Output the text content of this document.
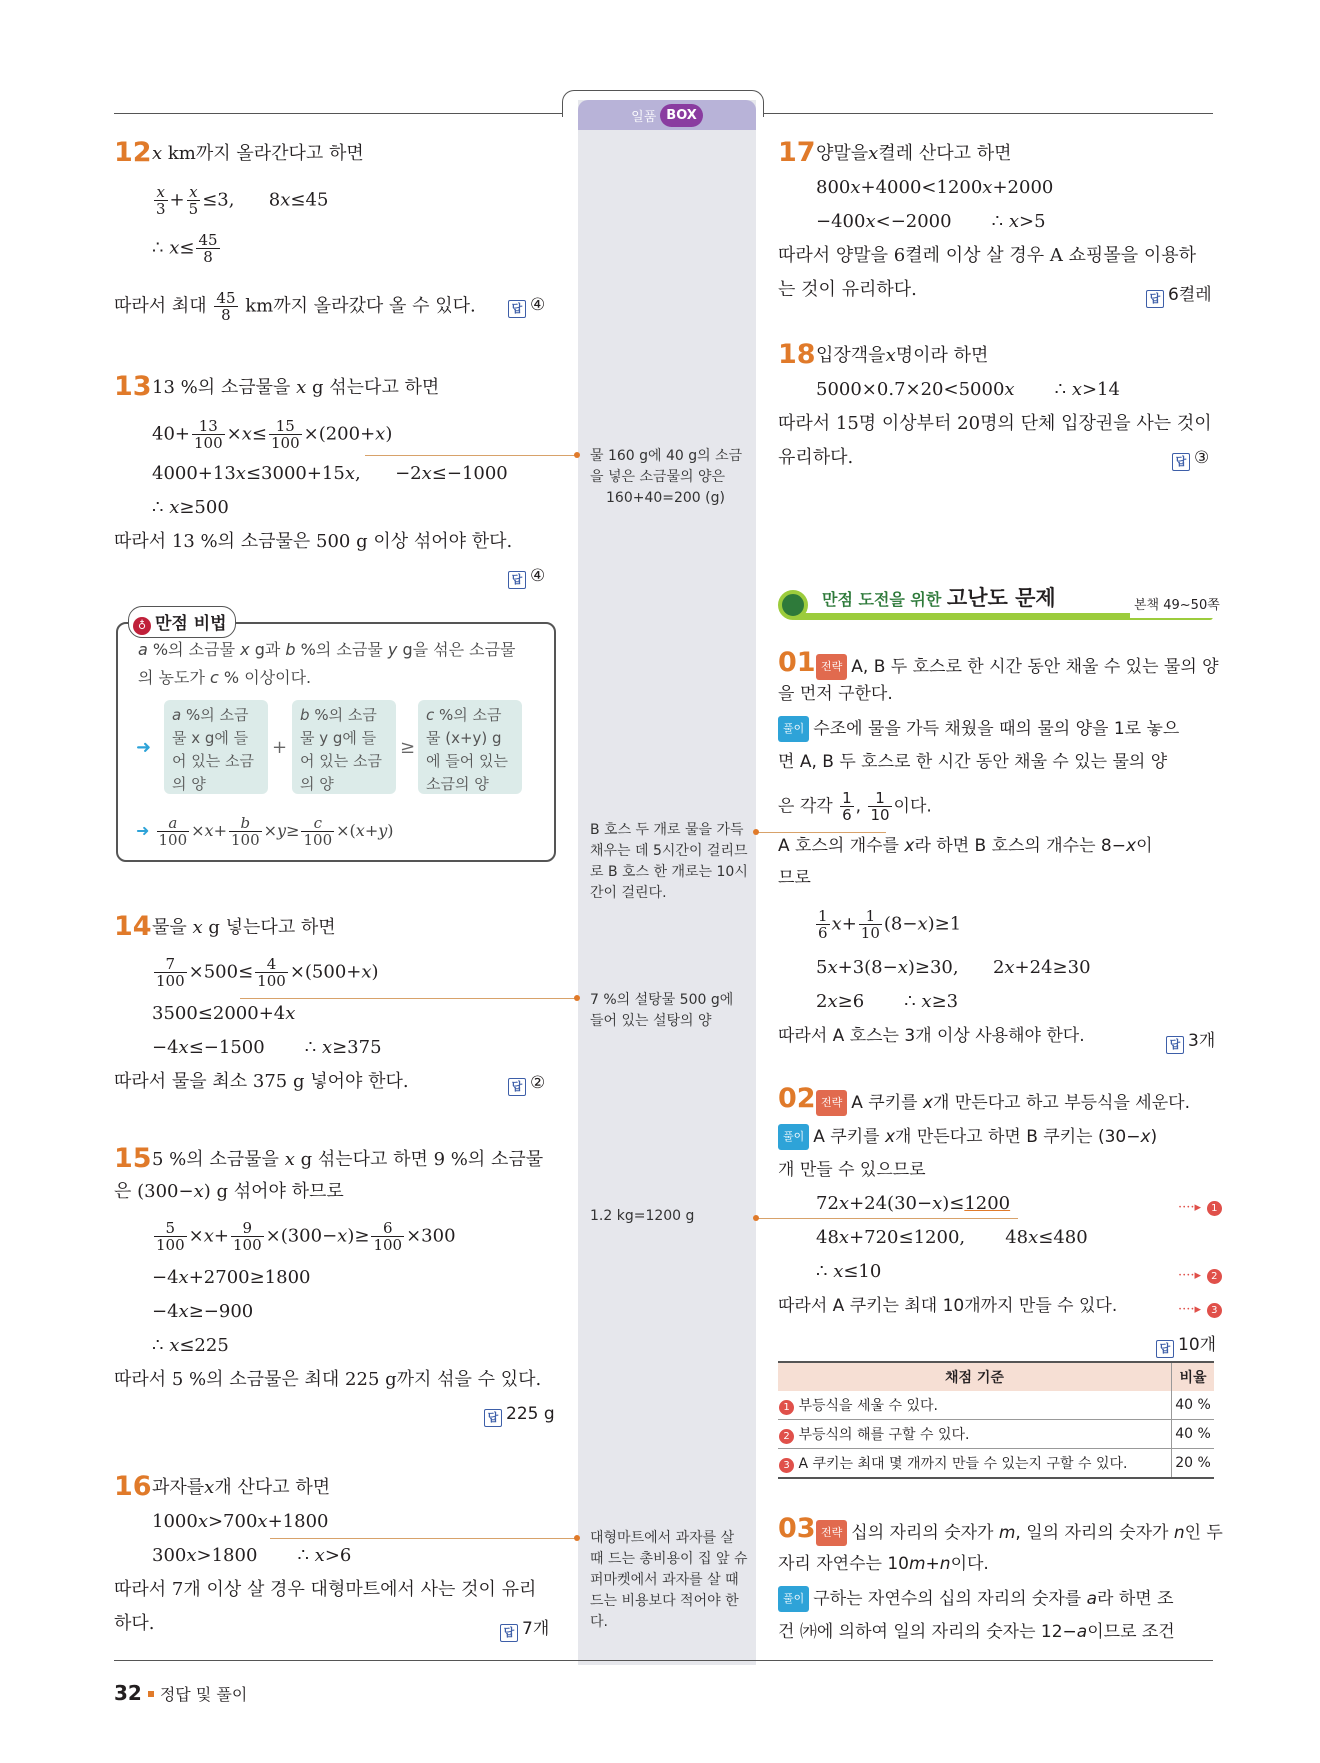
일품 BOX
12 x km까지 올라간다고 하면
$\frac{x}{3} + \frac{x}{5} \le 3$, 8x≤45
∴ $x\le \frac{45}{8}$
따라서 최대 $\frac{45}{8}$ km까지 올라갔다 올 수 있다.	답 ④
13 13 %의 소금물을 x g 섞는다고 하면
$40+ \frac{13}{100} \times x\le \frac{15}{100} \times(200+x)$
4000+13x≤3000+15x, −2x≤−1000
∴ x≥500
따라서 13 %의 소금물은 500 g 이상 섞어야 한다.
답 ④
♁ 만점 비법
a %의 소금물 x g과 b %의 소금물 y g을 섞은 소금물
의 농도가 c % 이상이다.
➜
a %의 소금물 x g에 들어 있는 소금의 양
+
b %의 소금물 y g에 들어 있는 소금의 양
≥
c %의 소금물 (x+y) g에 들어 있는 소금의 양
➜ $\frac{a}{100} \times x+ \frac{b}{100} \times y\ge \frac{c}{100} \times(x+y)$
14 물을 x g 넣는다고 하면
$\frac{7}{100} \times 500\le \frac{4}{100} \times(500+x)$
3500≤2000+4x
−4x≤−1500 ∴ x≥375
따라서 물을 최소 375 g 넣어야 한다.	답 ②
15 5 %의 소금물을 x g 섞는다고 하면 9 %의 소금물
은 (300−x) g 섞어야 하므로
$\frac{5}{100} \times x+ \frac{9}{100} \times(300-x)\ge \frac{6}{100} \times 300$
−4x+2700≥1800
−4x≥−900
∴ x≤225
따라서 5 %의 소금물은 최대 225 g까지 섞을 수 있다.
답 225 g
16 과자를x개 산다고 하면
1000x>700x+1800
300x>1800 ∴ x>6
따라서 7개 이상 살 경우 대형마트에서 사는 것이 유리
하다.	답 7개
물 160 g에 40 g의 소금을 넣은 소금물의 양은
160+40=200 (g)
B 호스 두 개로 물을 가득 채우는 데 5시간이 걸리므로 B 호스 한 개로는 10시간이 걸린다.
7 %의 설탕물 500 g에 들어 있는 설탕의 양
1.2 kg=1200 g
대형마트에서 과자를 살 때 드는 총비용이 집 앞 슈퍼마켓에서 과자를 살 때 드는 비용보다 적어야 한다.
17 양말을x켤레 산다고 하면
800x+4000<1200x+2000
−400x<−2000 ∴ x>5
따라서 양말을 6켤레 이상 살 경우 A 쇼핑몰을 이용하
는 것이 유리하다.	답 6켤레
18 입장객을x명이라 하면
5000×0.7×20<5000x ∴ x>14
따라서 15명 이상부터 20명의 단체 입장권을 사는 것이
유리하다.	답 ③
만점 도전을 위한 고난도 문제	본책 49~50쪽
01 전략 A, B 두 호스로 한 시간 동안 채울 수 있는 물의 양
을 먼저 구한다.
풀이 수조에 물을 가득 채웠을 때의 물의 양을 1로 놓으
면 A, B 두 호스로 한 시간 동안 채울 수 있는 물의 양
은 각각 $\frac{1}{6}$ , $\frac{1}{10}$ 이다.
A 호스의 개수를 x라 하면 B 호스의 개수는 8−x이
므로
$\frac{1}{6} x+ \frac{1}{10} (8-x)\ge 1$
5x+3(8−x)≥30, 2x+24≥30
2x≥6 ∴ x≥3
따라서 A 호스는 3개 이상 사용해야 한다.	답 3개
02 전략 A 쿠키를 x개 만든다고 하고 부등식을 세운다.
풀이 A 쿠키를 x개 만든다고 하면 B 쿠키는 (30−x)
개 만들 수 있으므로
72x+24(30−x)≤1200
48x+720≤1200, 48x≤480
∴ x≤10
따라서 A 쿠키는 최대 10개까지 만들 수 있다.
····▸ 1
····▸ 2
····▸ 3
답 10개
채점 기준	비율
1 부등식을 세울 수 있다.	40 %
2 부등식의 해를 구할 수 있다.	40 %
3 A 쿠키는 최대 몇 개까지 만들 수 있는지 구할 수 있다.	20 %
03 전략 십의 자리의 숫자가 m, 일의 자리의 숫자가 n인 두
자리 자연수는 10m+n이다.
풀이 구하는 자연수의 십의 자리의 숫자를 a라 하면 조
건 ㈎에 의하여 일의 자리의 숫자는 12−a이므로 조건
32 정답 및 풀이
